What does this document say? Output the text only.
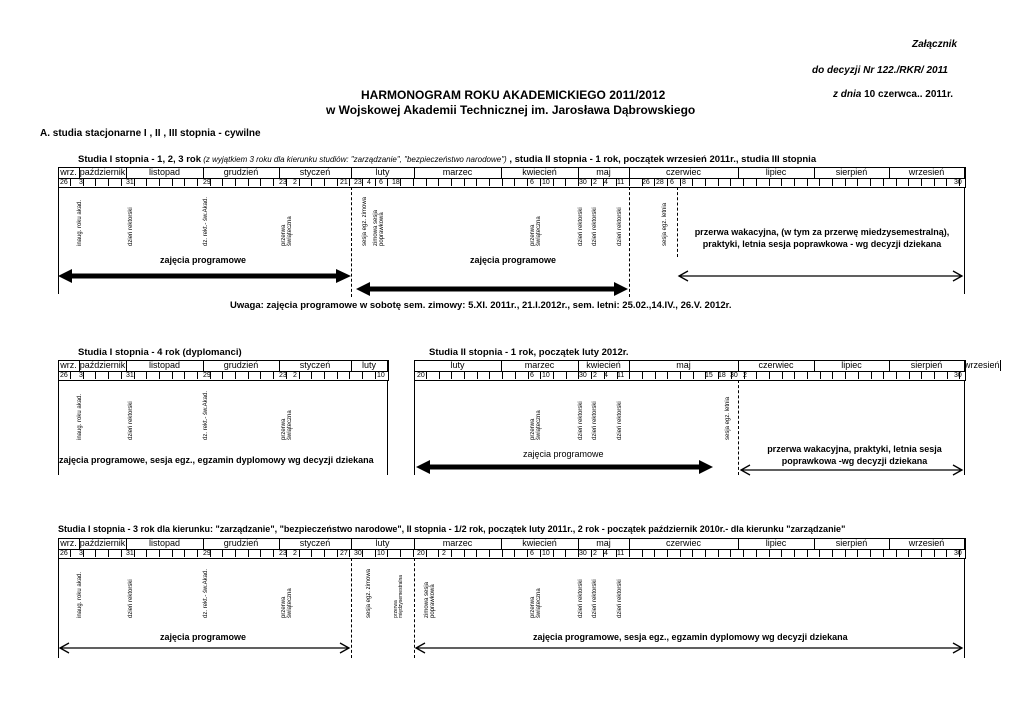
Załącznik
do decyzji Nr 122./RKR/ 2011
z dnia 10 czerwca.. 2011r.
HARMONOGRAM ROKU AKADEMICKIEGO 2011/2012
w Wojskowej Akademii Technicznej im. Jarosława Dąbrowskiego
A. studia stacjonarne I , II , III stopnia - cywilne
Studia I stopnia - 1, 2, 3 rok (z wyjątkiem 3 roku dla kierunku studiów: "zarządzanie", "bezpieczeństwo narodowe") , studia II stopnia - 1 rok, początek wrzesień 2011r., studia III stopnia
wrz. październik	listopad	grudzień	styczeń	luty	marzec	kwiecień	maj	czerwiec	lipiec	sierpień	wrzesień
26 3	31	29	23 2	21 23 4 6 18	6 10	30 2 4 11	26 28 6 8	30
inaug. roku akad.	dzień rektorski	dz. rekt.- św.Akad.	przerwa świąteczna	sesja egz. zimowa zimowa sesja poprawkowa	przerwa świąteczna	dzień rektorski dzień rektorski	dzień rektorski	sesja egz. letnia	przerwa wakacyjna, (w tym za przerwę miedzysemestralną), praktyki, letnia sesja poprawkowa - wg decyzji dziekana
zajęcia programowe	zajęcia programowe
Uwaga: zajęcia programowe w sobotę sem. zimowy: 5.XI. 2011r., 21.I.2012r., sem. letni: 25.02.,14.IV., 26.V. 2012r.
Studia I stopnia - 4 rok (dyplomanci)	Studia II stopnia - 1 rok, początek luty 2012r.
wrz. październik	listopad	grudzień	styczeń	luty	luty	marzec	kwiecień	maj	czerwiec	lipiec	sierpień	wrzesień
26 3	31	29	23 2	10	20	6 10	30 2 4 11	15 18 30 2	30
inaug. roku akad.	dzień rektorski	dz. rekt.- św.Akad.	przerwa świąteczna	przerwa świąteczna	dzień rektorski dzień rektorski	dzień rektorski	sesja egz. letnia
zajęcia programowe, sesja egz., egzamin dyplomowy wg decyzji dziekana
zajęcia programowe	przerwa wakacyjna, praktyki, letnia sesja poprawkowa -wg decyzji dziekana
Studia I stopnia - 3 rok dla kierunku: "zarządzanie", "bezpieczeństwo narodowe", II stopnia - 1/2 rok, początek luty 2011r., 2 rok - początek październik 2010r.- dla kierunku "zarządzanie"
wrz. październik	listopad	grudzień	styczeń	luty	marzec	kwiecień	maj	czerwiec	lipiec	sierpień	wrzesień
26 3	31	29	23 2	27 30 10	20 2	6 10	30 2 4 11	30
inaug. roku akad.	dzień rektorski	dz. rekt.- św.Akad.	przerwa świąteczna	sesja egz. zimowa	przerwa międzysemestralna	zimowa sesja poprawkowa	przerwa świąteczna	dzień rektorski dzień rektorski	dzień rektorski
zajęcia programowe	zajęcia programowe, sesja egz., egzamin dyplomowy wg decyzji dziekana
